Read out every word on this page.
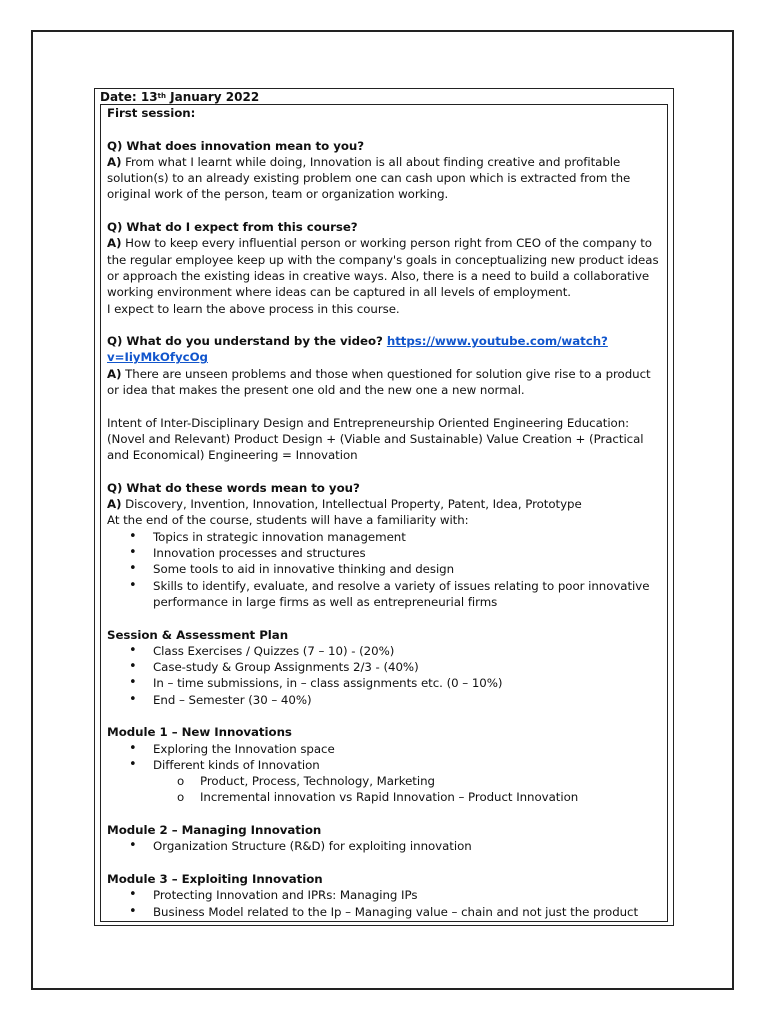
Date: 13th January 2022

First session:

Q) What does innovation mean to you?

A) From what I learnt while doing, Innovation is all about finding creative and profitable solution(s) to an already existing problem one can cash upon which is extracted from the original work of the person, team or organization working.

Q) What do I expect from this course?

A) How to keep every influential person or working person right from CEO of the company to the regular employee keep up with the company's goals in conceptualizing new product ideas or approach the existing ideas in creative ways. Also, there is a need to build a collaborative working environment where ideas can be captured in all levels of employment.

I expect to learn the above process in this course.

Q) What do you understand by the video? https://www.youtube.com/watch?v=IiyMkOfycOg

A) There are unseen problems and those when questioned for solution give rise to a product or idea that makes the present one old and the new one a new normal.

Intent of Inter-Disciplinary Design and Entrepreneurship Oriented Engineering Education: (Novel and Relevant) Product Design + (Viable and Sustainable) Value Creation + (Practical and Economical) Engineering = Innovation

Q) What do these words mean to you?

A) Discovery, Invention, Innovation, Intellectual Property, Patent, Idea, Prototype

At the end of the course, students will have a familiarity with:

• Topics in strategic innovation management
• Innovation processes and structures
• Some tools to aid in innovative thinking and design
• Skills to identify, evaluate, and resolve a variety of issues relating to poor innovative performance in large firms as well as entrepreneurial firms

Session & Assessment Plan

• Class Exercises / Quizzes (7 – 10) - (20%)
• Case-study & Group Assignments 2/3 - (40%)
• In – time submissions, in – class assignments etc. (0 – 10%)
• End – Semester (30 – 40%)

Module 1 – New Innovations

• Exploring the Innovation space
• Different kinds of Innovation
o Product, Process, Technology, Marketing
o Incremental innovation vs Rapid Innovation – Product Innovation

Module 2 – Managing Innovation

• Organization Structure (R&D) for exploiting innovation

Module 3 – Exploiting Innovation

• Protecting Innovation and IPRs: Managing IPs
• Business Model related to the Ip – Managing value – chain and not just the product
